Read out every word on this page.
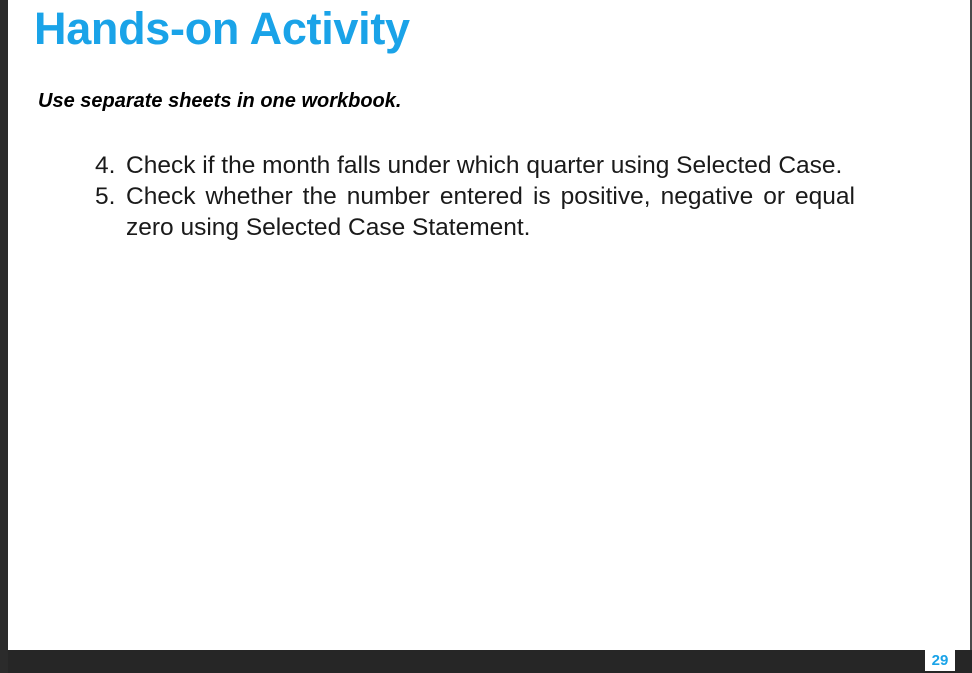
Hands-on Activity

Use separate sheets in one workbook.

4. Check if the month falls under which quarter using Selected Case.
5. Check whether the number entered is positive, negative or equal zero using Selected Case Statement.
29
